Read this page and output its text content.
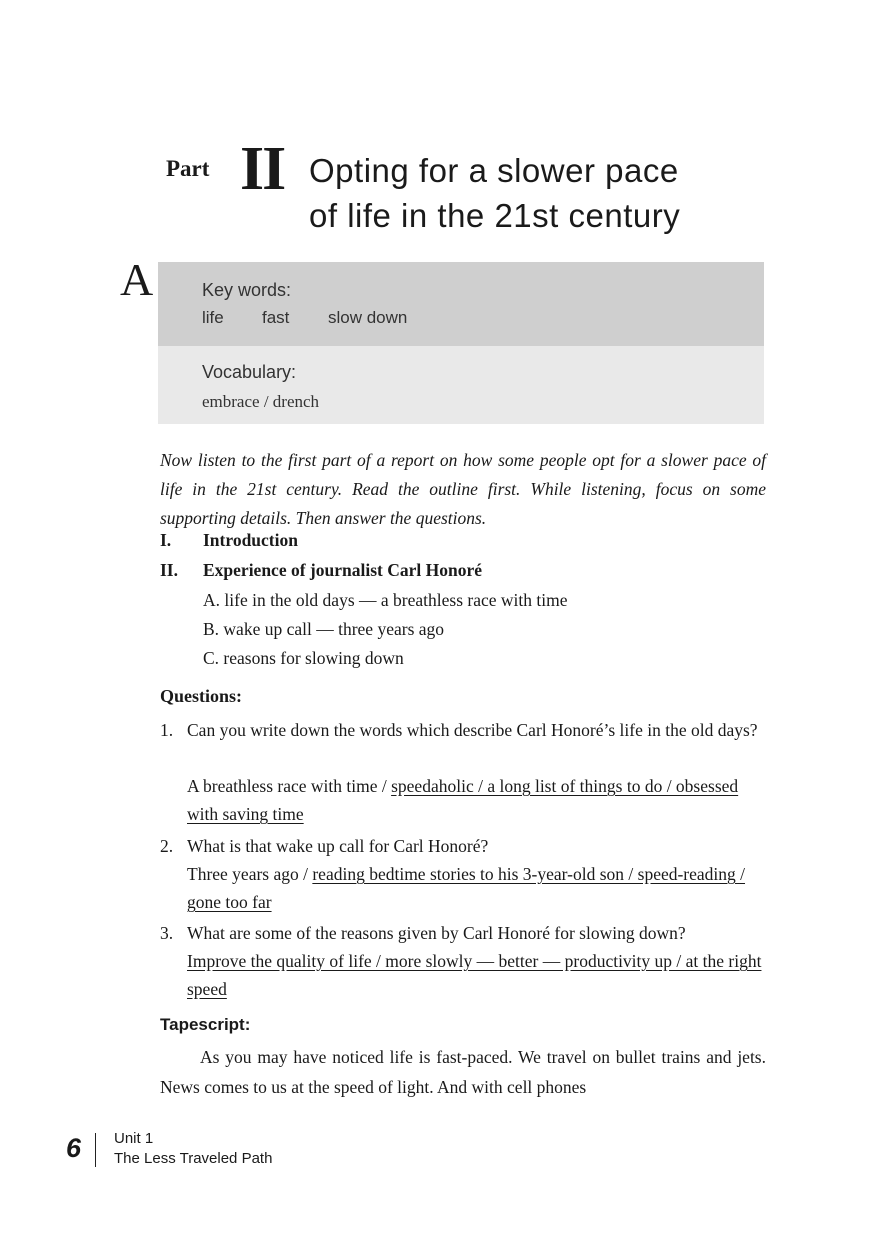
Part II Opting for a slower pace
of life in the 21st century
A	Key words:
life	fast	slow down
Vocabulary:
embrace / drench
Now listen to the first part of a report on how some people opt for a slower pace of life in the 21st century. Read the outline first. While listening, focus on some supporting details. Then answer the questions.
I. Introduction
II. Experience of journalist Carl Honoré
A. life in the old days — a breathless race with time
B. wake up call — three years ago
C. reasons for slowing down
Questions:
1. Can you write down the words which describe Carl Honoré’s life in the old days?
A breathless race with time / speedaholic / a long list of things to do / obsessed with saving time
2. What is that wake up call for Carl Honoré?
Three years ago / reading bedtime stories to his 3-year-old son / speed-reading / gone too far
3. What are some of the reasons given by Carl Honoré for slowing down?
Improve the quality of life / more slowly — better — productivity up / at the right speed
Tapescript:
As you may have noticed life is fast-paced. We travel on bullet trains and jets. News comes to us at the speed of light. And with cell phones
6 Unit 1
The Less Traveled Path
